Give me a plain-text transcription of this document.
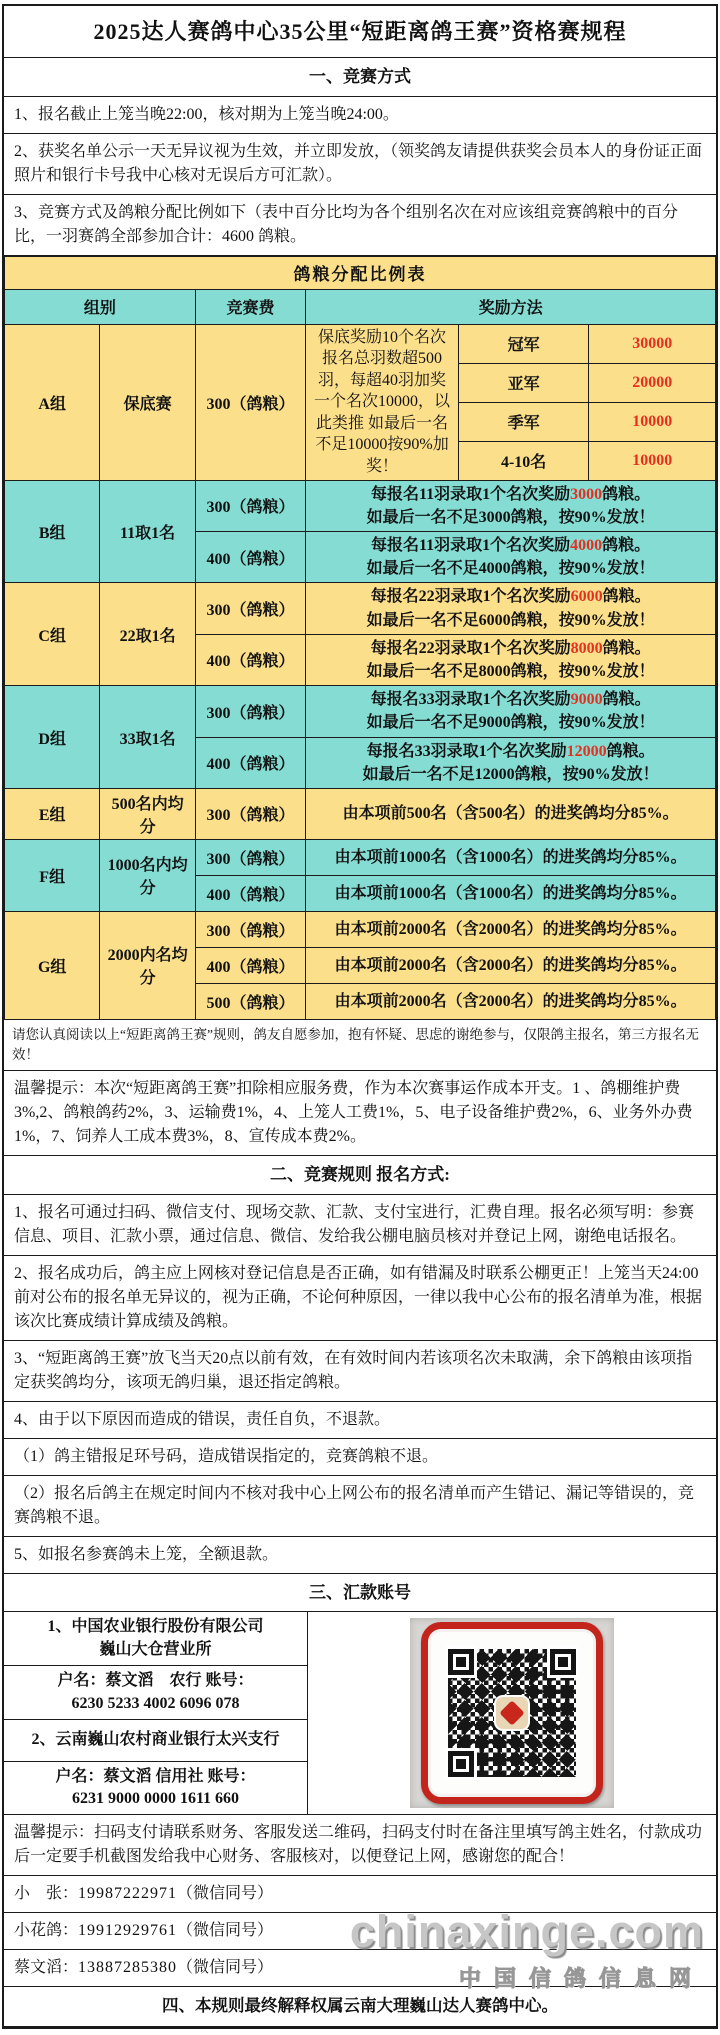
2025达人赛鸽中心35公里“短距离鸽王赛”资格赛规程
一、竞赛方式
1、报名截止上笼当晚22:00，核对期为上笼当晚24:00。
2、获奖名单公示一天无异议视为生效，并立即发放，（领奖鸽友请提供获奖会员本人的身份证正面照片和银行卡号我中心核对无误后方可汇款）。
3、竞赛方式及鸽粮分配比例如下（表中百分比均为各个组别名次在对应该组竞赛鸽粮中的百分比，一羽赛鸽全部参加合计：4600 鸽粮。
鸽粮分配比例表					
组别		竞赛费	奖励方法		
A组	保底赛	300（鸽粮）	保底奖励10个名次报名总羽数超500羽，每超40羽加奖一个名次10000，以此类推 如最后一名不足10000按90%加奖！	冠军	30000
				亚军	20000
				季军	10000
				4-10名	10000
B组	11取1名	300（鸽粮）	每报名11羽录取1个名次奖励3000鸽粮。
如最后一名不足3000鸽粮，按90%发放！		

		400（鸽粮）	每报名11羽录取1个名次奖励4000鸽粮。
如最后一名不足4000鸽粮，按90%发放！		

C组	22取1名	300（鸽粮）	每报名22羽录取1个名次奖励6000鸽粮。
如最后一名不足6000鸽粮，按90%发放！		

		400（鸽粮）	每报名22羽录取1个名次奖励8000鸽粮。
如最后一名不足8000鸽粮，按90%发放！		

D组	33取1名	300（鸽粮）	每报名33羽录取1个名次奖励9000鸽粮。
如最后一名不足9000鸽粮，按90%发放！		

		400（鸽粮）	每报名33羽录取1个名次奖励12000鸽粮。
如最后一名不足12000鸽粮，按90%发放！		

E组	500名内均分	300（鸽粮）	由本项前500名（含500名）的进奖鸽均分85%。		
F组	1000名内均分	300（鸽粮）	由本项前1000名（含1000名）的进奖鸽均分85%。		
		400（鸽粮）	由本项前1000名（含1000名）的进奖鸽均分85%。		
G组	2000内名均分	300（鸽粮）	由本项前2000名（含2000名）的进奖鸽均分85%。		
		400（鸽粮）	由本项前2000名（含2000名）的进奖鸽均分85%。		
		500（鸽粮）	由本项前2000名（含2000名）的进奖鸽均分85%。		
请您认真阅读以上“短距离鸽王赛”规则，鸽友自愿参加，抱有怀疑、思虑的谢绝参与，仅限鸽主报名，第三方报名无效！
温馨提示：本次“短距离鸽王赛”扣除相应服务费，作为本次赛事运作成本开支。1 、鸽棚维护费3%,2、鸽粮鸽药2%，3、运输费1%，4、上笼人工费1%，5、电子设备维护费2%，6、业务外办费1%，7、饲养人工成本费3%，8、宣传成本费2%。
二、竞赛规则 报名方式:
1、报名可通过扫码、微信支付、现场交款、汇款、支付宝进行，汇费自理。报名必须写明：参赛信息、项目、汇款小票，通过信息、微信、发给我公棚电脑员核对并登记上网，谢绝电话报名。
2、报名成功后，鸽主应上网核对登记信息是否正确，如有错漏及时联系公棚更正！上笼当天24:00前对公布的报名单无异议的，视为正确，不论何种原因，一律以我中心公布的报名清单为准，根据该次比赛成绩计算成绩及鸽粮。
3、“短距离鸽王赛”放飞当天20点以前有效，在有效时间内若该项名次未取满，余下鸽粮由该项指定获奖鸽均分，该项无鸽归巢，退还指定鸽粮。
4、由于以下原因而造成的错误，责任自负，不退款。
（1）鸽主错报足环号码，造成错误指定的，竞赛鸽粮不退。
（2）报名后鸽主在规定时间内不核对我中心上网公布的报名清单而产生错记、漏记等错误的，竞赛鸽粮不退。
5、如报名参赛鸽未上笼，全额退款。
三、汇款账号
1、中国农业银行股份有限公司
巍山大仓营业所
户名：蔡文滔　农行 账号：
6230 5233 4002 6096 078
2、云南巍山农村商业银行太兴支行
户名：蔡文滔 信用社 账号：
6231 9000 0000 1611 660
温馨提示：扫码支付请联系财务、客服发送二维码，扫码支付时在备注里填写鸽主姓名，付款成功后一定要手机截图发给我中心财务、客服核对，以便登记上网，感谢您的配合！
小　张：19987222971（微信同号）
小花鸽：19912929761（微信同号）
蔡文滔：13887285380（微信同号）
四、本规则最终解释权属云南大理巍山达人赛鸽中心。
chinaxinge.com
中国信鸽信息网
